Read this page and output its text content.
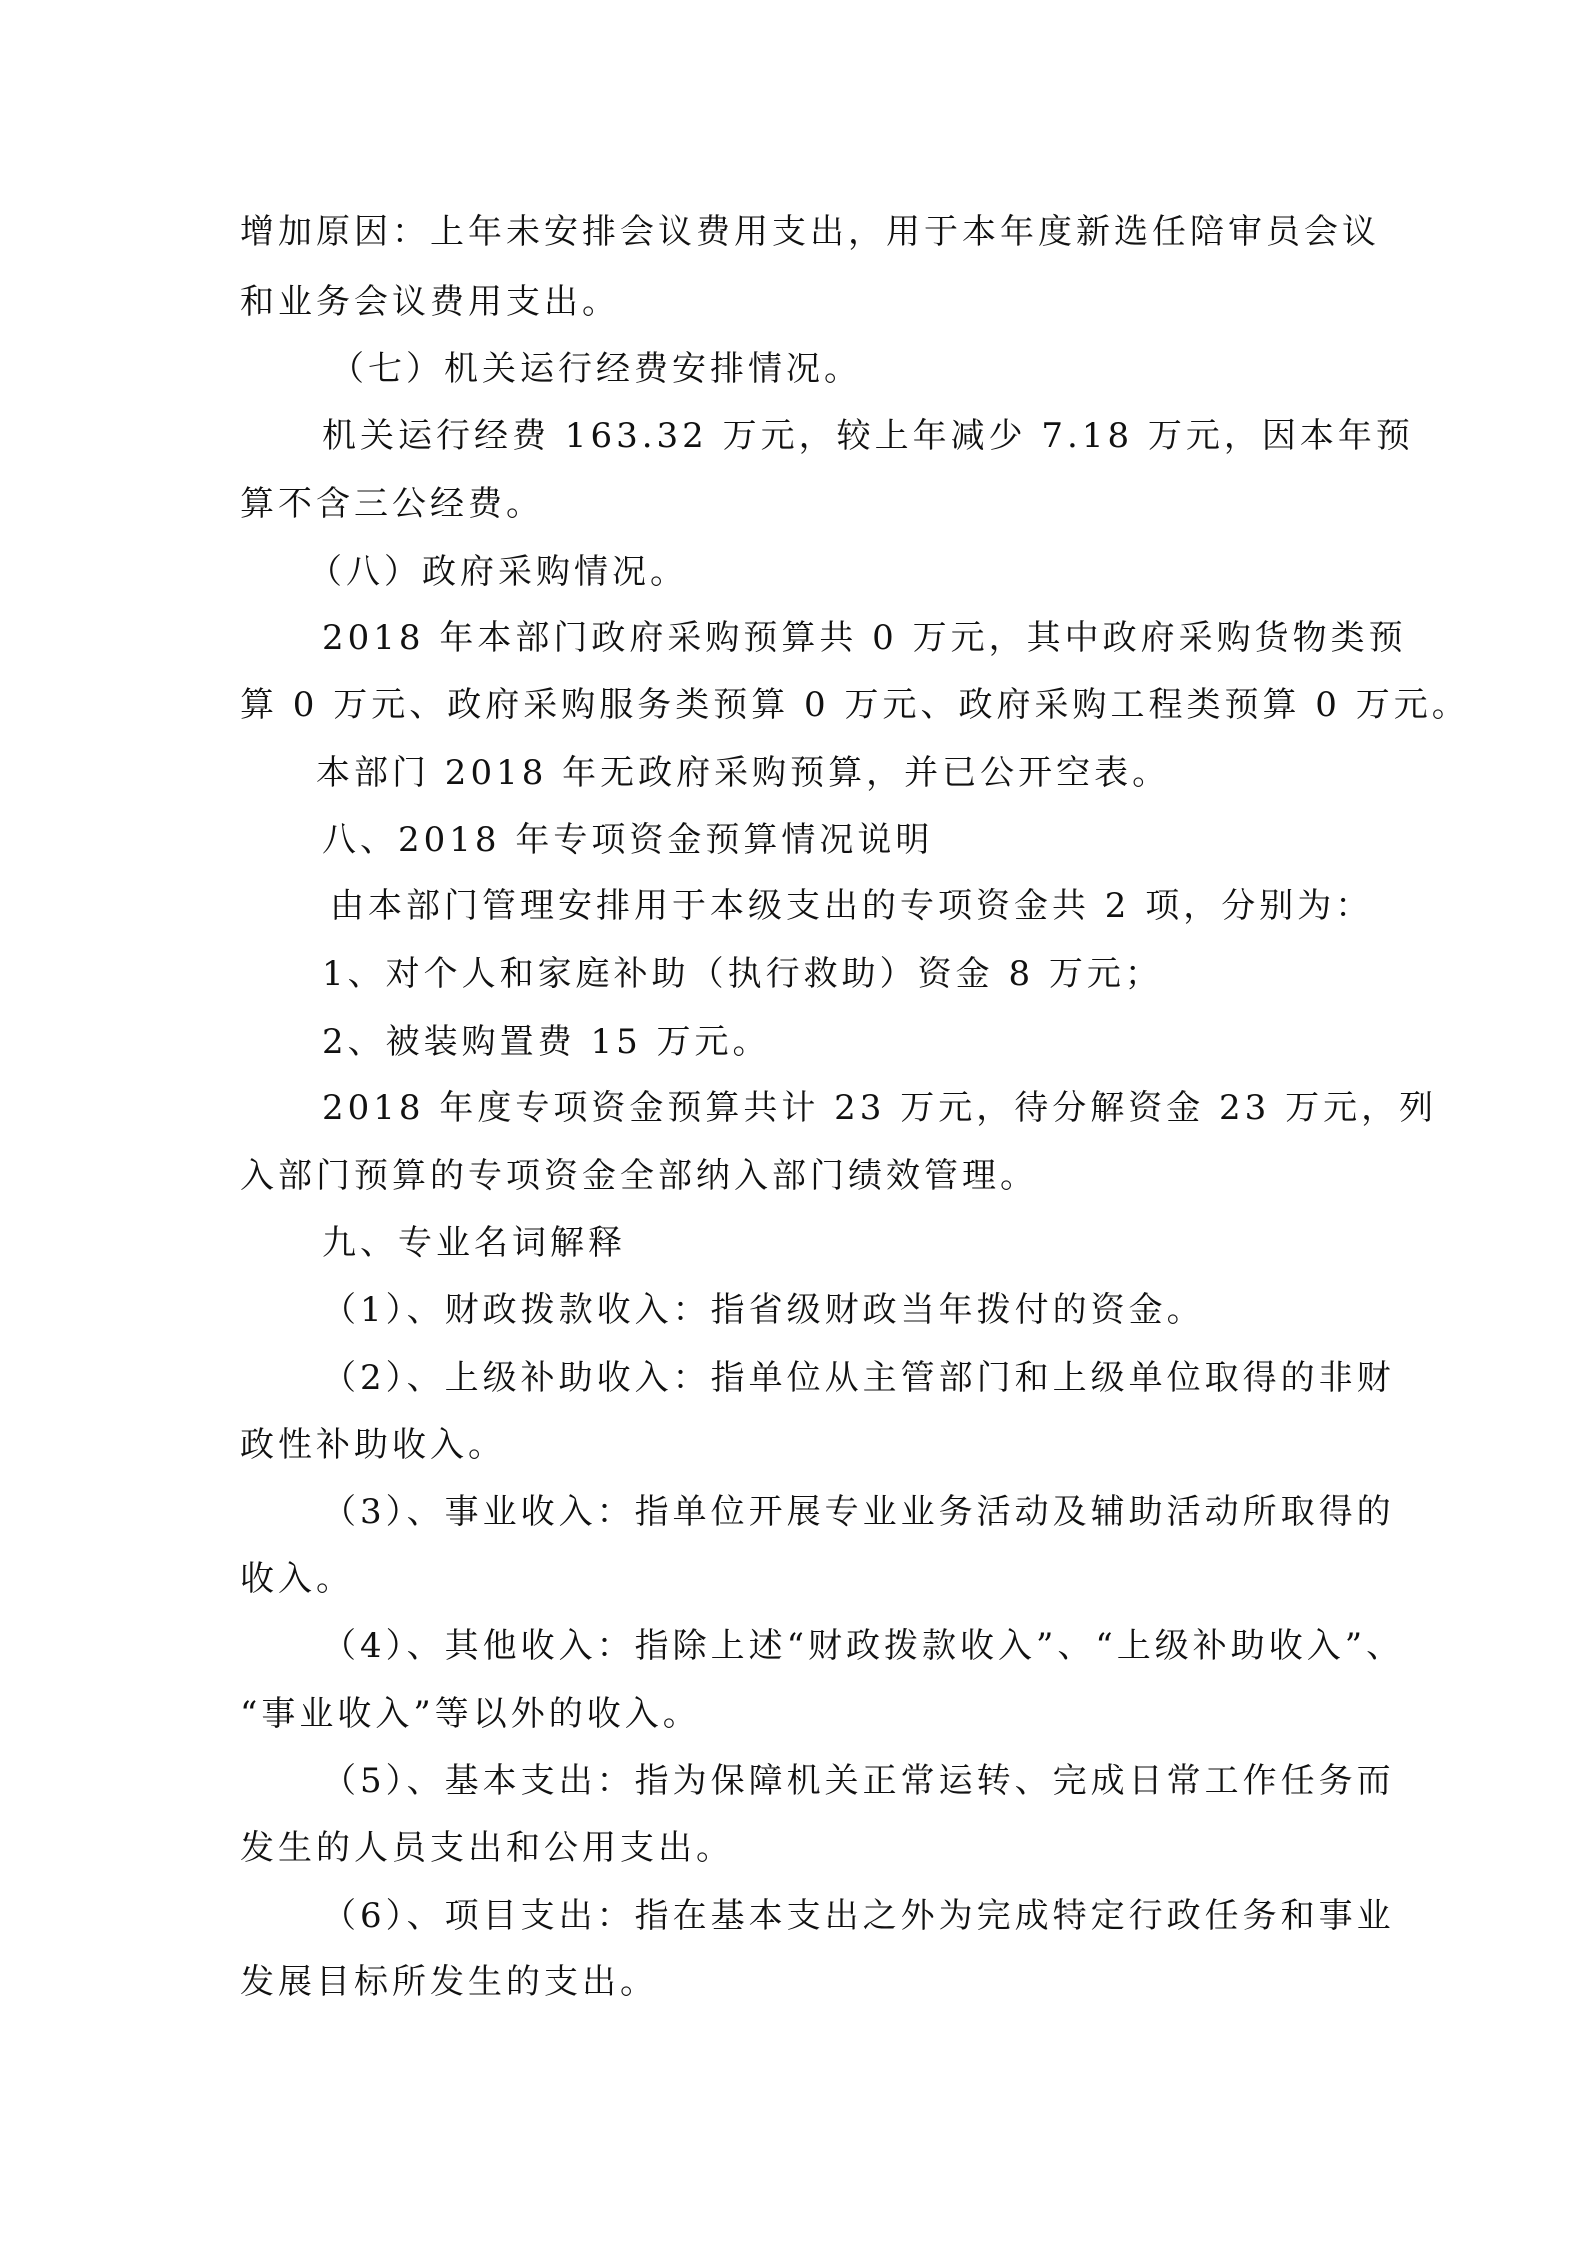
增加原因：上年未安排会议费用支出，用于本年度新选任陪审员会议
和业务会议费用支出。
（七）机关运行经费安排情况。
机关运行经费 163.32 万元，较上年减少 7.18 万元，因本年预
算不含三公经费。
（八）政府采购情况。
2018 年本部门政府采购预算共 0 万元，其中政府采购货物类预
算 0 万元、政府采购服务类预算 0 万元、政府采购工程类预算 0 万元。
本部门 2018 年无政府采购预算，并已公开空表。
八、2018 年专项资金预算情况说明
由本部门管理安排用于本级支出的专项资金共 2 项，分别为：
1、对个人和家庭补助（执行救助）资金 8 万元；
2、被装购置费 15 万元。
2018 年度专项资金预算共计 23 万元，待分解资金 23 万元，列
入部门预算的专项资金全部纳入部门绩效管理。
九、专业名词解释
（1）、财政拨款收入：指省级财政当年拨付的资金。
（2）、上级补助收入：指单位从主管部门和上级单位取得的非财
政性补助收入。
（3）、事业收入：指单位开展专业业务活动及辅助活动所取得的
收入。
（4）、其他收入：指除上述“财政拨款收入”、“上级补助收入”、
“事业收入”等以外的收入。
（5）、基本支出：指为保障机关正常运转、完成日常工作任务而
发生的人员支出和公用支出。
（6）、项目支出：指在基本支出之外为完成特定行政任务和事业
发展目标所发生的支出。
